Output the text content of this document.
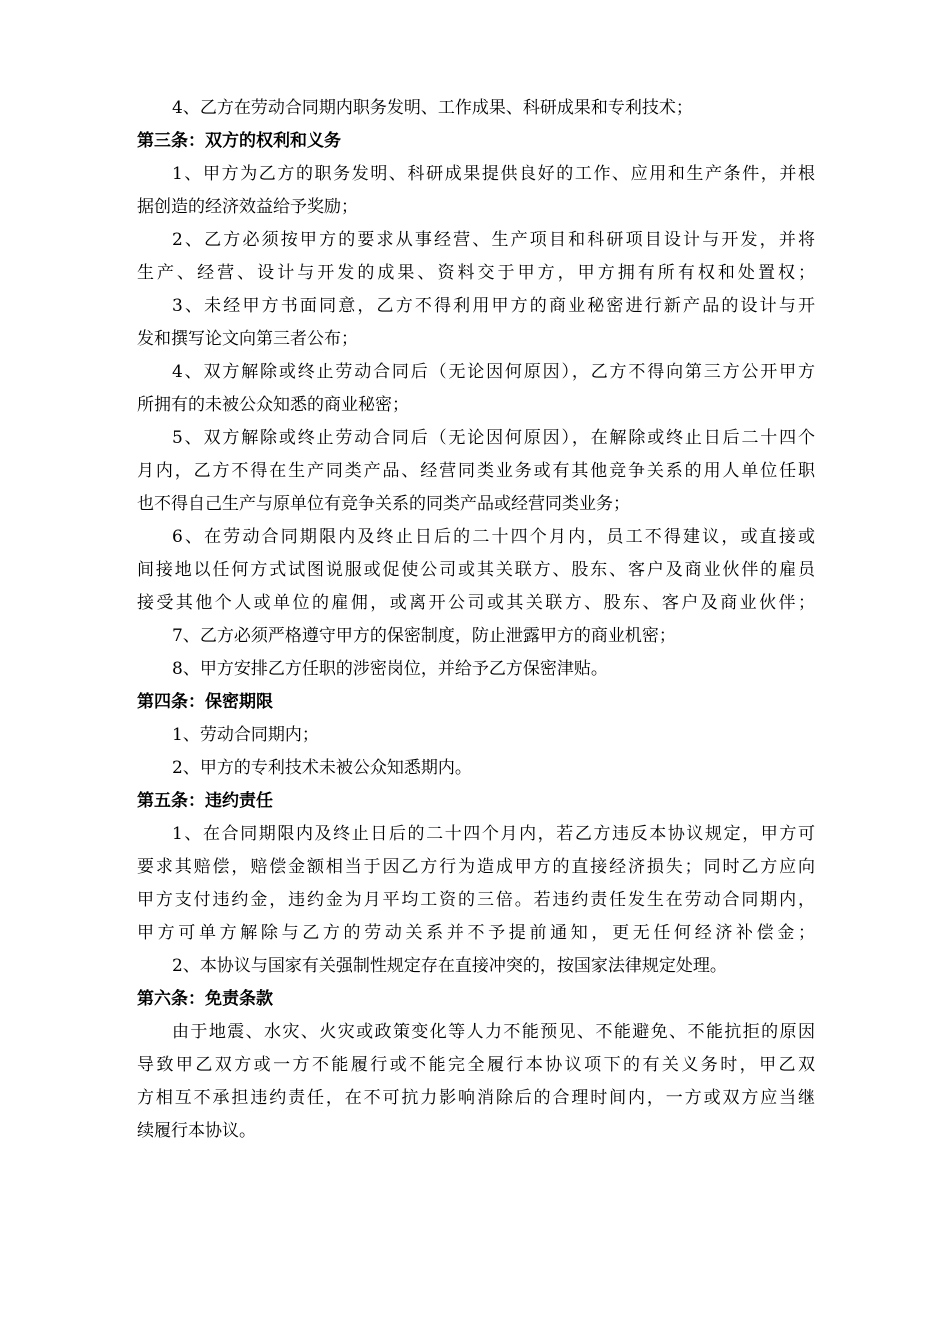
4、乙方在劳动合同期内职务发明、工作成果、科研成果和专利技术；
第三条：双方的权利和义务
1、甲方为乙方的职务发明、科研成果提供良好的工作、应用和生产条件，并根
据创造的经济效益给予奖励；
2、乙方必须按甲方的要求从事经营、生产项目和科研项目设计与开发，并将
生产、经营、设计与开发的成果、资料交于甲方，甲方拥有所有权和处置权；
3、未经甲方书面同意，乙方不得利用甲方的商业秘密进行新产品的设计与开
发和撰写论文向第三者公布；
4、双方解除或终止劳动合同后（无论因何原因），乙方不得向第三方公开甲方
所拥有的未被公众知悉的商业秘密；
5、双方解除或终止劳动合同后（无论因何原因），在解除或终止日后二十四个
月内，乙方不得在生产同类产品、经营同类业务或有其他竞争关系的用人单位任职
也不得自己生产与原单位有竞争关系的同类产品或经营同类业务；
6、在劳动合同期限内及终止日后的二十四个月内，员工不得建议，或直接或
间接地以任何方式试图说服或促使公司或其关联方、股东、客户及商业伙伴的雇员
接受其他个人或单位的雇佣，或离开公司或其关联方、股东、客户及商业伙伴；
7、乙方必须严格遵守甲方的保密制度，防止泄露甲方的商业机密；
8、甲方安排乙方任职的涉密岗位，并给予乙方保密津贴。
第四条：保密期限
1、劳动合同期内；
2、甲方的专利技术未被公众知悉期内。
第五条：违约责任
1、在合同期限内及终止日后的二十四个月内，若乙方违反本协议规定，甲方可
要求其赔偿，赔偿金额相当于因乙方行为造成甲方的直接经济损失；同时乙方应向
甲方支付违约金，违约金为月平均工资的三倍。若违约责任发生在劳动合同期内，
甲方可单方解除与乙方的劳动关系并不予提前通知，更无任何经济补偿金；
2、本协议与国家有关强制性规定存在直接冲突的，按国家法律规定处理。
第六条：免责条款
由于地震、水灾、火灾或政策变化等人力不能预见、不能避免、不能抗拒的原因
导致甲乙双方或一方不能履行或不能完全履行本协议项下的有关义务时，甲乙双
方相互不承担违约责任，在不可抗力影响消除后的合理时间内，一方或双方应当继
续履行本协议。
